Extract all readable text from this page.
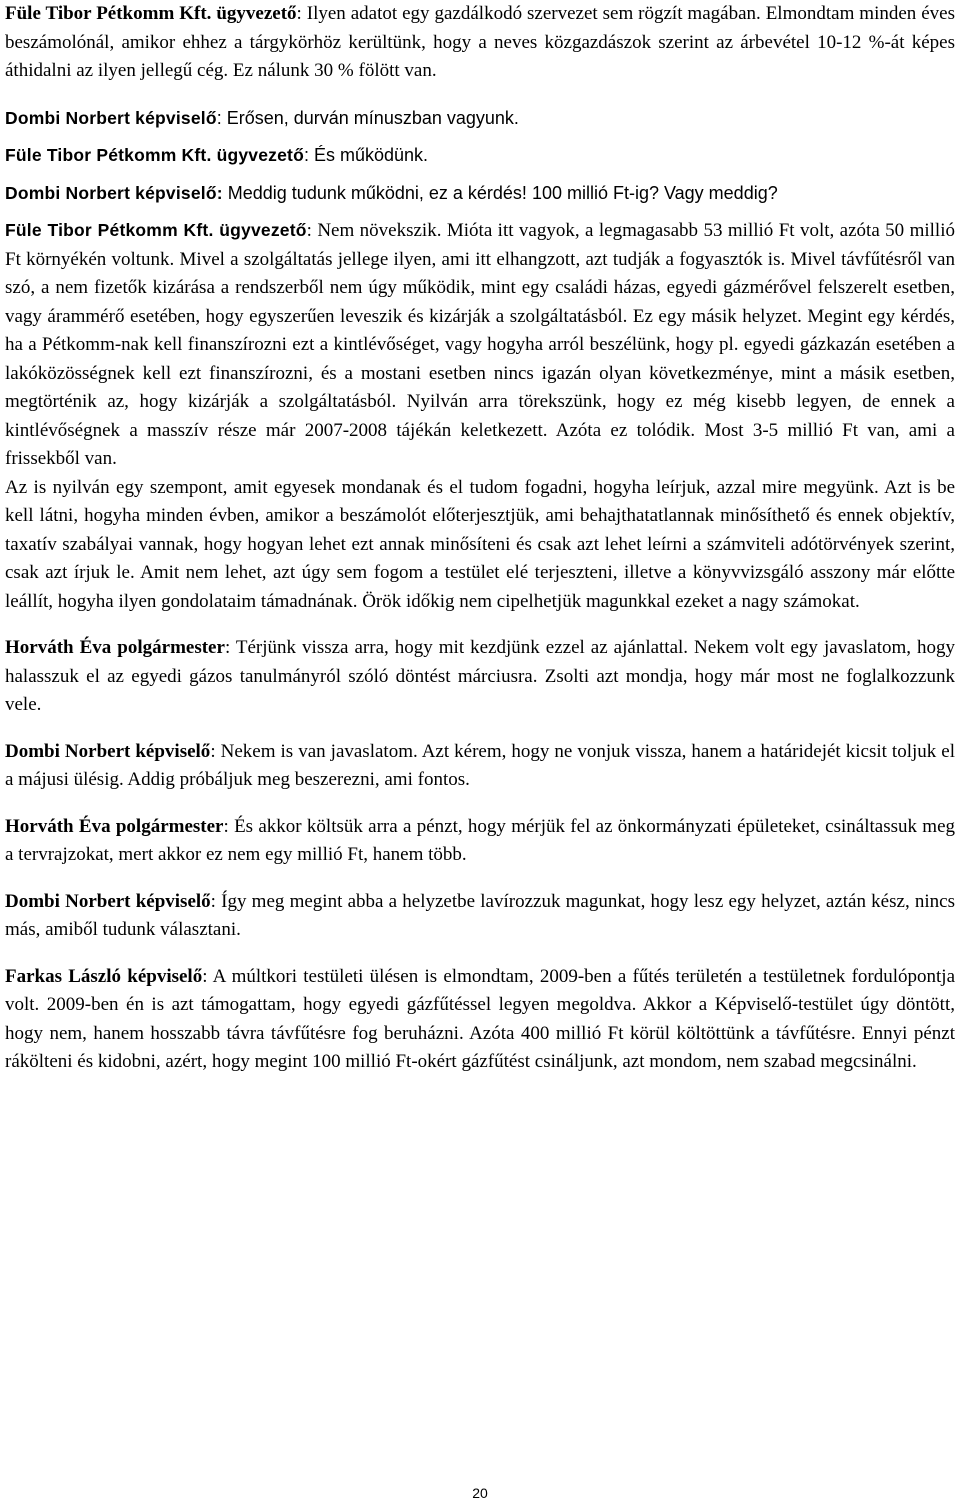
Füle Tibor Pétkomm Kft. ügyvezető: Ilyen adatot egy gazdálkodó szervezet sem rögzít magában. Elmondtam minden éves beszámolónál, amikor ehhez a tárgykörhöz kerültünk, hogy a neves közgazdászok szerint az árbevétel 10-12 %-át képes áthidalni az ilyen jellegű cég. Ez nálunk 30 % fölött van.

Dombi Norbert képviselő: Erősen, durván mínuszban vagyunk.

Füle Tibor Pétkomm Kft. ügyvezető: És működünk.

Dombi Norbert képviselő: Meddig tudunk működni, ez a kérdés! 100 millió Ft-ig? Vagy meddig?

Füle Tibor Pétkomm Kft. ügyvezető: Nem növekszik. Mióta itt vagyok, a legmagasabb 53 millió Ft volt, azóta 50 millió Ft környékén voltunk. Mivel a szolgáltatás jellege ilyen, ami itt elhangzott, azt tudják a fogyasztók is. Mivel távfűtésről van szó, a nem fizetők kizárása a rendszerből nem úgy működik, mint egy családi házas, egyedi gázmérővel felszerelt esetben, vagy árammérő esetében, hogy egyszerűen leveszik és kizárják a szolgáltatásból. Ez egy másik helyzet. Megint egy kérdés, ha a Pétkomm-nak kell finanszírozni ezt a kintlévőséget, vagy hogyha arról beszélünk, hogy pl. egyedi gázkazán esetében a lakóközösségnek kell ezt finanszírozni, és a mostani esetben nincs igazán olyan következménye, mint a másik esetben, megtörténik az, hogy kizárják a szolgáltatásból. Nyilván arra törekszünk, hogy ez még kisebb legyen, de ennek a kintlévőségnek a masszív része már 2007-2008 tájékán keletkezett. Azóta ez tolódik. Most 3-5 millió Ft van, ami a frissekből van.

Az is nyilván egy szempont, amit egyesek mondanak és el tudom fogadni, hogyha leírjuk, azzal mire megyünk. Azt is be kell látni, hogyha minden évben, amikor a beszámolót előterjesztjük, ami behajthatatlannak minősíthető és ennek objektív, taxatív szabályai vannak, hogy hogyan lehet ezt annak minősíteni és csak azt lehet leírni a számviteli adótörvények szerint, csak azt írjuk le. Amit nem lehet, azt úgy sem fogom a testület elé terjeszteni, illetve a könyvvizsgáló asszony már előtte leállít, hogyha ilyen gondolataim támadnának. Örök időkig nem cipelhetjük magunkkal ezeket a nagy számokat.

Horváth Éva polgármester: Térjünk vissza arra, hogy mit kezdjünk ezzel az ajánlattal. Nekem volt egy javaslatom, hogy halasszuk el az egyedi gázos tanulmányról szóló döntést márciusra. Zsolti azt mondja, hogy már most ne foglalkozzunk vele.

Dombi Norbert képviselő: Nekem is van javaslatom. Azt kérem, hogy ne vonjuk vissza, hanem a határidejét kicsit toljuk el a májusi ülésig. Addig próbáljuk meg beszerezni, ami fontos.

Horváth Éva polgármester: És akkor költsük arra a pénzt, hogy mérjük fel az önkormányzati épületeket, csináltassuk meg a tervrajzokat, mert akkor ez nem egy millió Ft, hanem több.

Dombi Norbert képviselő: Így meg megint abba a helyzetbe lavírozzuk magunkat, hogy lesz egy helyzet, aztán kész, nincs más, amiből tudunk választani.

Farkas László képviselő: A múltkori testületi ülésen is elmondtam, 2009-ben a fűtés területén a testületnek fordulópontja volt. 2009-ben én is azt támogattam, hogy egyedi gázfűtéssel legyen megoldva. Akkor a Képviselő-testület úgy döntött, hogy nem, hanem hosszabb távra távfűtésre fog beruházni. Azóta 400 millió Ft körül költöttünk a távfűtésre. Ennyi pénzt rákölteni és kidobni, azért, hogy megint 100 millió Ft-okért gázfűtést csináljunk, azt mondom, nem szabad megcsinálni.

20
